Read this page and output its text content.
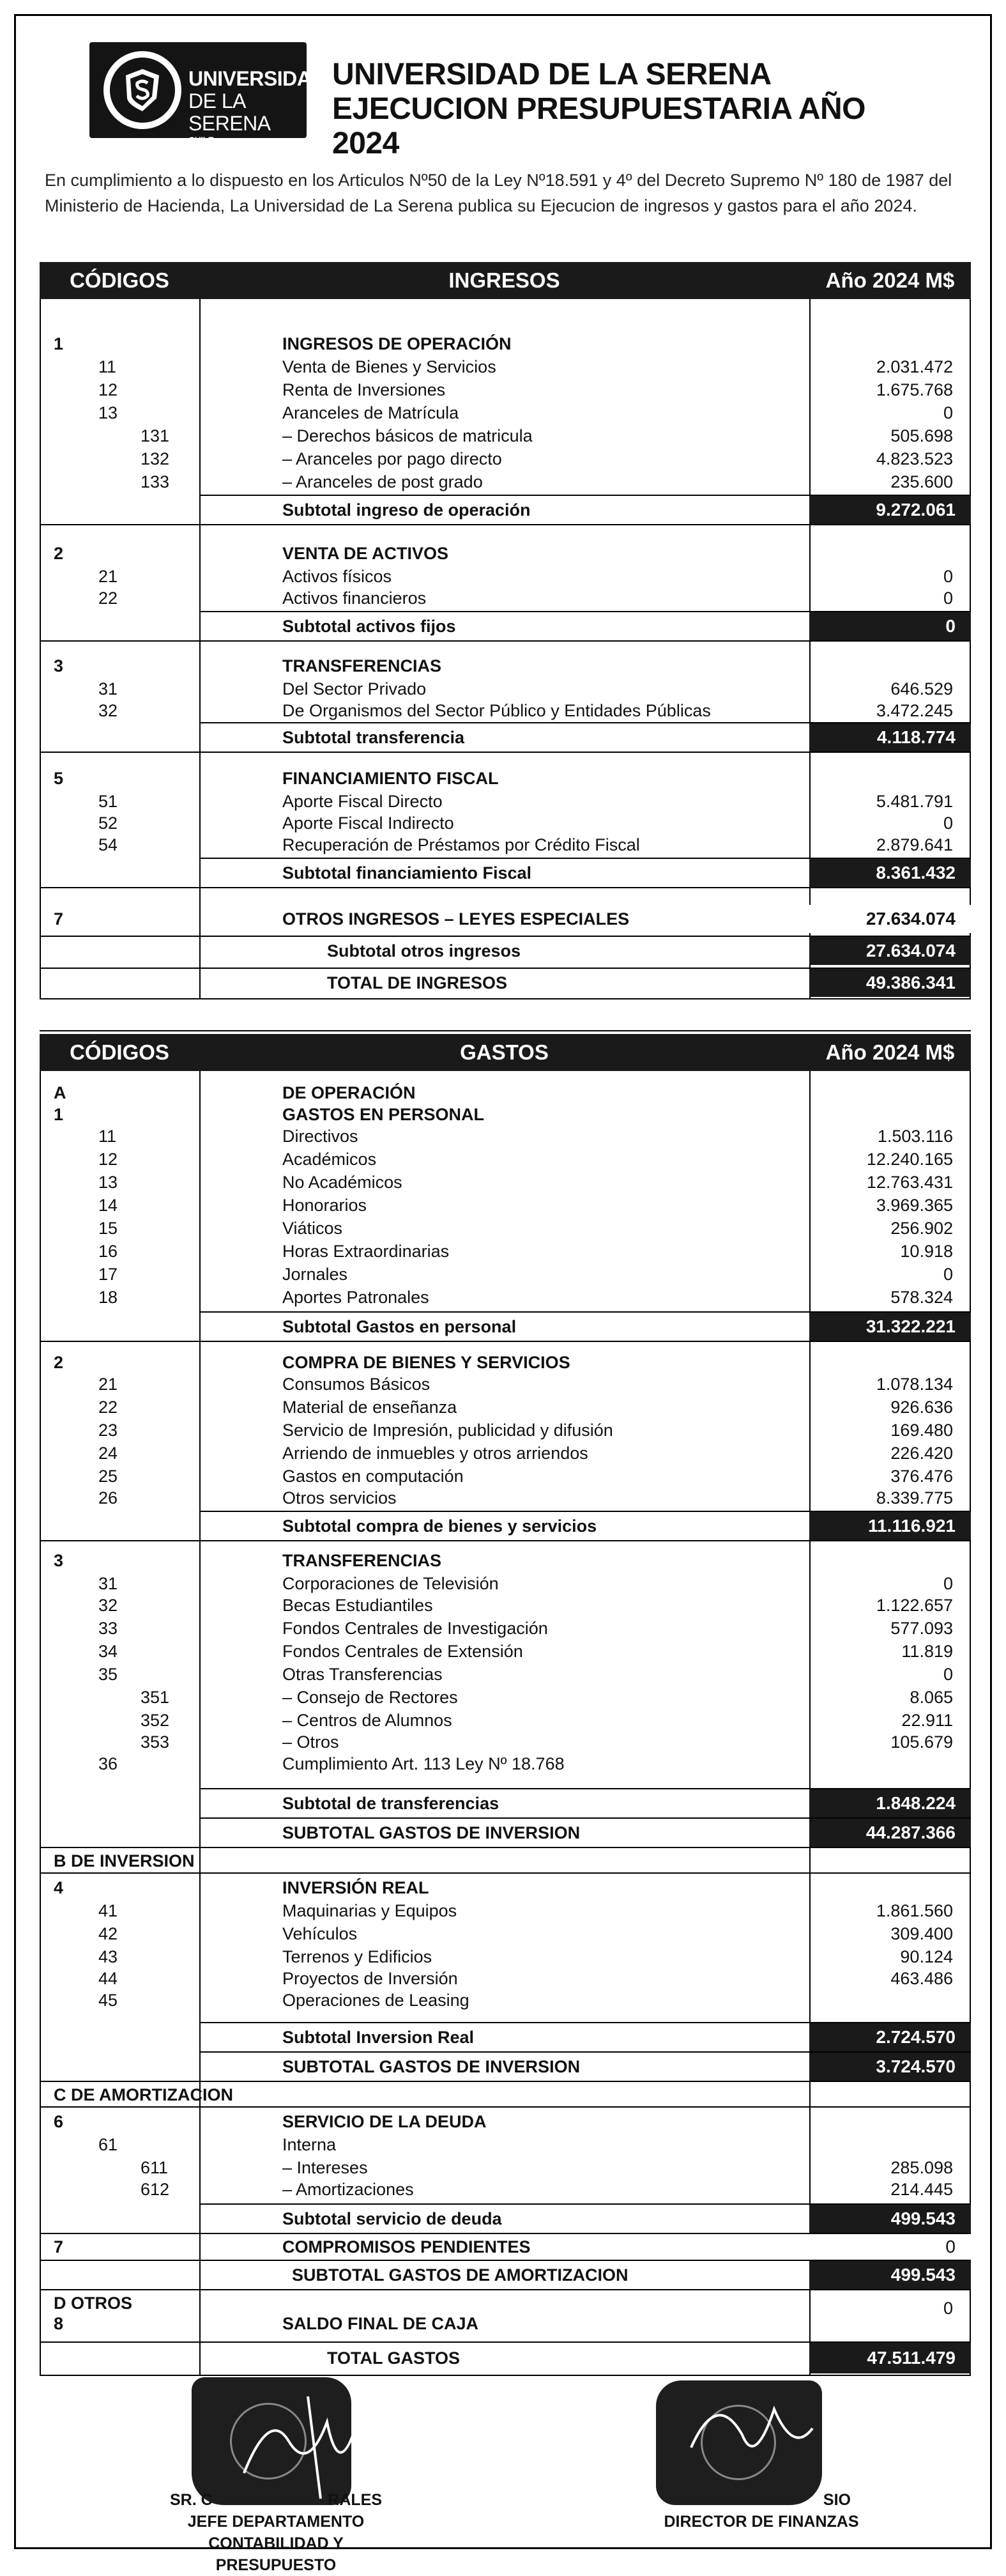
UNIVERSIDAD
DE LA SERENA
CHILE
UNIVERSIDAD DE LA SERENA
EJECUCION PRESUPUESTARIA AÑO 2024
En cumplimiento a lo dispuesto en los Articulos Nº50 de la Ley Nº18.591 y 4º del Decreto Supremo Nº 180 de 1987 del
Ministerio de Hacienda, La Universidad de La Serena publica su Ejecucion de ingresos y gastos para el año 2024.
CÓDIGOS	INGRESOS	Año 2024 M$
1	INGRESOS DE OPERACIÓN
11	Venta de Bienes y Servicios	2.031.472
12	Renta de Inversiones	1.675.768
13	Aranceles de Matrícula	0
131	– Derechos básicos de matricula	505.698
132	– Aranceles por pago directo	4.823.523
133	– Aranceles de post grado	235.600
Subtotal ingreso de operación	9.272.061
2	VENTA DE ACTIVOS
21	Activos físicos	0
22	Activos financieros	0
Subtotal activos fijos	0
3	TRANSFERENCIAS
31	Del Sector Privado	646.529
32	De Organismos del Sector Público y Entidades Públicas	3.472.245
Subtotal transferencia	4.118.774
5	FINANCIAMIENTO FISCAL
51	Aporte Fiscal Directo	5.481.791
52	Aporte Fiscal Indirecto	0
54	Recuperación de Préstamos por Crédito Fiscal	2.879.641
Subtotal financiamiento Fiscal	8.361.432
7	OTROS INGRESOS – LEYES ESPECIALES	27.634.074
Subtotal otros ingresos	27.634.074
TOTAL DE INGRESOS	49.386.341
CÓDIGOS	GASTOS	Año 2024 M$
A	DE OPERACIÓN
1	GASTOS EN PERSONAL
11	Directivos	1.503.116
12	Académicos	12.240.165
13	No Académicos	12.763.431
14	Honorarios	3.969.365
15	Viáticos	256.902
16	Horas Extraordinarias	10.918
17	Jornales	0
18	Aportes Patronales	578.324
Subtotal Gastos en personal	31.322.221
2	COMPRA DE BIENES Y SERVICIOS
21	Consumos Básicos	1.078.134
22	Material de enseñanza	926.636
23	Servicio de Impresión, publicidad y difusión	169.480
24	Arriendo de inmuebles y otros arriendos	226.420
25	Gastos en computación	376.476
26	Otros servicios	8.339.775
Subtotal compra de bienes y servicios	11.116.921
3	TRANSFERENCIAS
31	Corporaciones de Televisión	0
32	Becas Estudiantiles	1.122.657
33	Fondos Centrales de Investigación	577.093
34	Fondos Centrales de Extensión	11.819
35	Otras Transferencias	0
351	– Consejo de Rectores	8.065
352	– Centros de Alumnos	22.911
353	– Otros	105.679
36	Cumplimiento Art. 113 Ley Nº 18.768
Subtotal de transferencias	1.848.224
SUBTOTAL GASTOS DE INVERSION	44.287.366
B DE INVERSION
4	INVERSIÓN REAL
41	Maquinarias y Equipos	1.861.560
42	Vehículos	309.400
43	Terrenos y Edificios	90.124
44	Proyectos de Inversión	463.486
45	Operaciones de Leasing
Subtotal Inversion Real	2.724.570
SUBTOTAL GASTOS DE INVERSION	3.724.570
C DE AMORTIZACION
6	SERVICIO DE LA DEUDA
61	Interna
611	– Intereses	285.098
612	– Amortizaciones	214.445
Subtotal servicio de deuda	499.543
7	COMPROMISOS PENDIENTES	0
SUBTOTAL GASTOS DE AMORTIZACION	499.543
D OTROS	0
8	SALDO FINAL DE CAJA
TOTAL GASTOS	47.511.479
SR. C                          RALES
JEFE DEPARTAMENTO CONTABILIDAD Y
PRESUPUESTO
SIO
DIRECTOR DE FINANZAS
